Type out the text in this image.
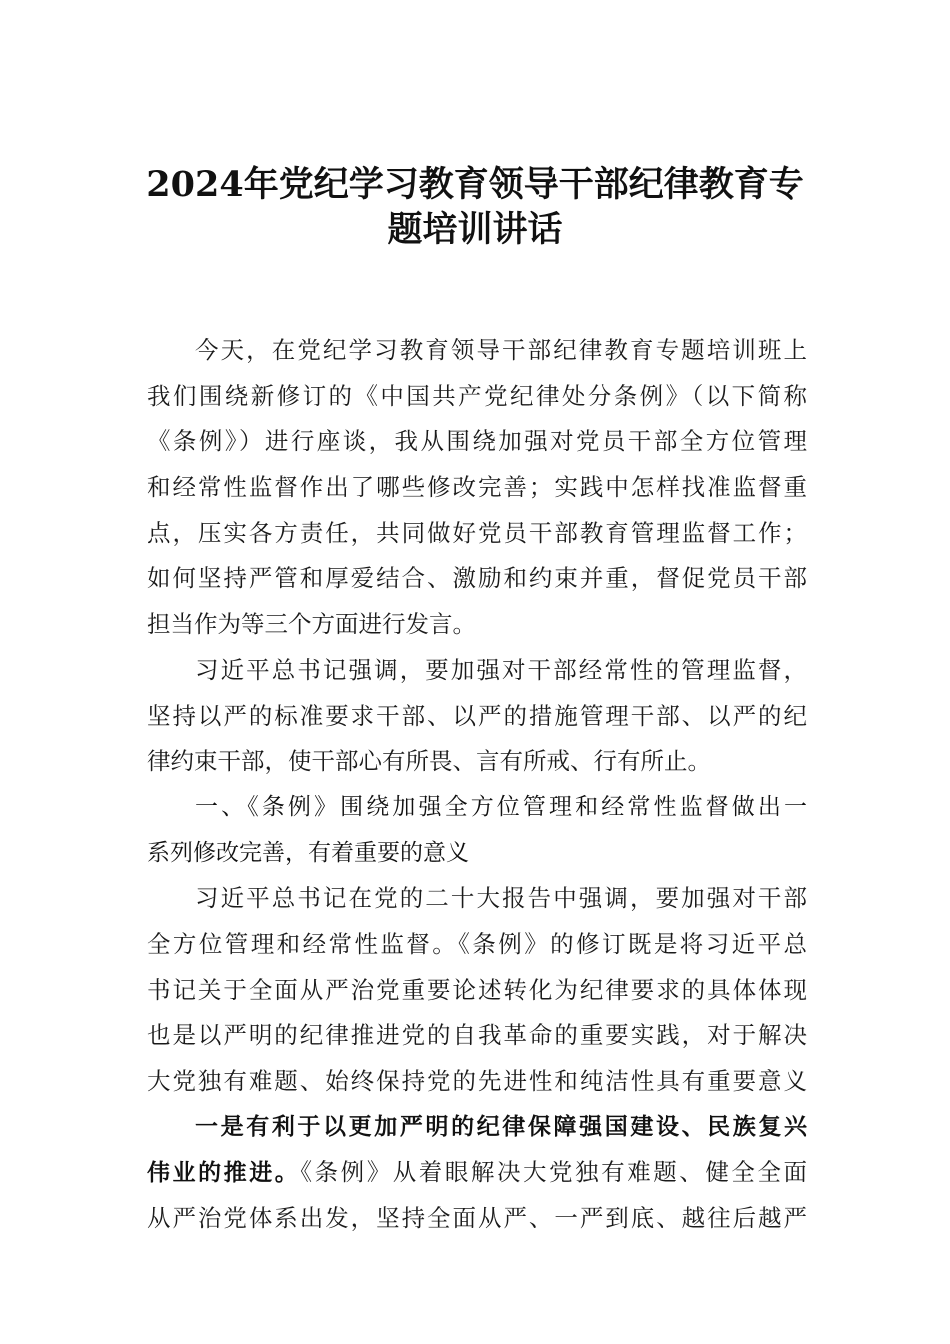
2024年党纪学习教育领导干部纪律教育专
题培训讲话
今天，在党纪学习教育领导干部纪律教育专题培训班上
我们围绕新修订的《中国共产党纪律处分条例》（以下简称
《条例》）进行座谈，我从围绕加强对党员干部全方位管理
和经常性监督作出了哪些修改完善；实践中怎样找准监督重
点，压实各方责任，共同做好党员干部教育管理监督工作；
如何坚持严管和厚爱结合、激励和约束并重，督促党员干部
担当作为等三个方面进行发言。
习近平总书记强调，要加强对干部经常性的管理监督，
坚持以严的标准要求干部、以严的措施管理干部、以严的纪
律约束干部，使干部心有所畏、言有所戒、行有所止。
一、《条例》围绕加强全方位管理和经常性监督做出一
系列修改完善，有着重要的意义
习近平总书记在党的二十大报告中强调，要加强对干部
全方位管理和经常性监督。《条例》的修订既是将习近平总
书记关于全面从严治党重要论述转化为纪律要求的具体体现
也是以严明的纪律推进党的自我革命的重要实践，对于解决
大党独有难题、始终保持党的先进性和纯洁性具有重要意义
一是有利于以更加严明的纪律保障强国建设、民族复兴
伟业的推进。《条例》从着眼解决大党独有难题、健全全面
从严治党体系出发，坚持全面从严、一严到底、越往后越严
